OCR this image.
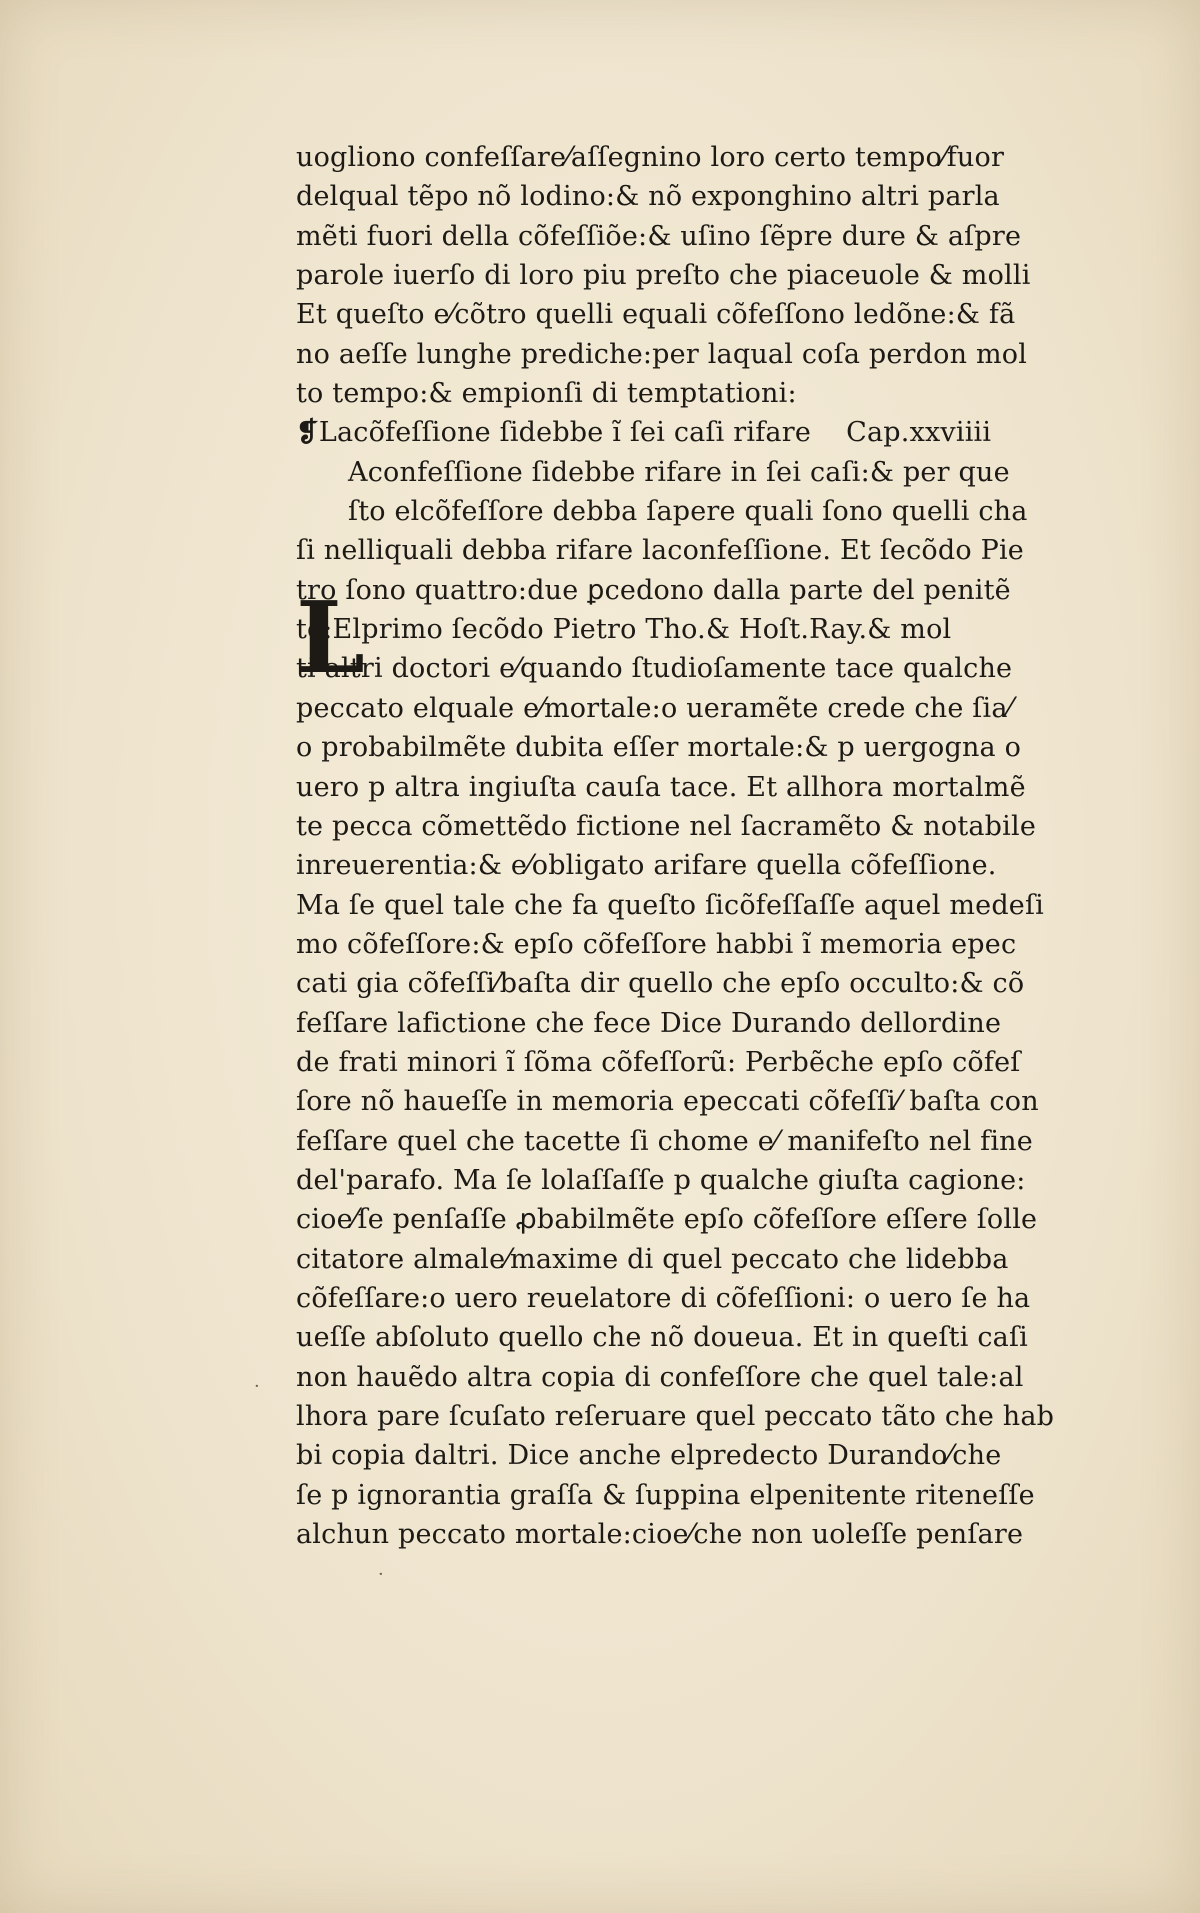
uogliono confeſſare⁄aſſegnino loro certo tempo⁄fuor
delqual tẽpo nõ lodino:& nõ exponghino altri parla
mẽti fuori della cõfeſſiõe:& uſino ſẽpre dure & aſpre
parole iuerſo di loro piu preſto che piaceuole & molli
Et queſto e⁄cõtro quelli equali cõfeſſono ledõne:& fã
no aeſſe lunghe prediche:per laqual coſa perdon mol
to tempo:& empionſi di temptationi:
❡Lacõfeſſione ſidebbe ĩ ſei caſi rifare Cap.xxviiii
L
Aconfeſſione ſidebbe rifare in ſei caſi:& per que
ſto elcõfeſſore debba ſapere quali ſono quelli cha
ſi nelliquali debba rifare laconfeſſione. Et ſecõdo Pie
tro ſono quattro:due ꝑcedono dalla parte del penitẽ
te:Elprimo ſecõdo Pietro Tho.& Hoſt.Ray.& mol
ti altri doctori e⁄quando ſtudioſamente tace qualche
peccato elquale e⁄mortale:o ueramẽte crede che ſia⁄
o probabilmẽte dubita eſſer mortale:& p uergogna o
uero p altra ingiuſta cauſa tace. Et allhora mortalmẽ
te pecca cõmettẽdo fictione nel ſacramẽto & notabile
inreuerentia:& e⁄obligato arifare quella cõfeſſione.
Ma ſe quel tale che fa queſto ſicõfeſſaſſe aquel medeſi
mo cõfeſſore:& epſo cõfeſſore habbi ĩ memoria epec
cati gia cõfeſſi⁄baſta dir quello che epſo occulto:& cõ
feſſare lafictione che fece Dice Durando dellordine
de frati minori ĩ ſõma cõfeſſorũ: Perbẽche epſo cõfeſ
ſore nõ haueſſe in memoria epeccati cõfeſſi⁄ baſta con
feſſare quel che tacette ſi chome e⁄ manifeſto nel fine
del'parafo. Ma ſe lolaſſaſſe p qualche giuſta cagione:
cioe⁄ſe penſaſſe ꝓbabilmẽte epſo cõfeſſore eſſere ſolle
citatore almale⁄maxime di quel peccato che lidebba
cõfeſſare:o uero reuelatore di cõfeſſioni: o uero ſe ha
ueſſe abſoluto quello che nõ doueua. Et in queſti caſi
non hauẽdo altra copia di confeſſore che quel tale:al
lhora pare ſcuſato reſeruare quel peccato tãto che hab
bi copia daltri. Dice anche elpredecto Durando⁄che
ſe p ignorantia graſſa & ſuppina elpenitente riteneſſe
alchun peccato mortale:cioe⁄che non uoleſſe penſare
·
·
